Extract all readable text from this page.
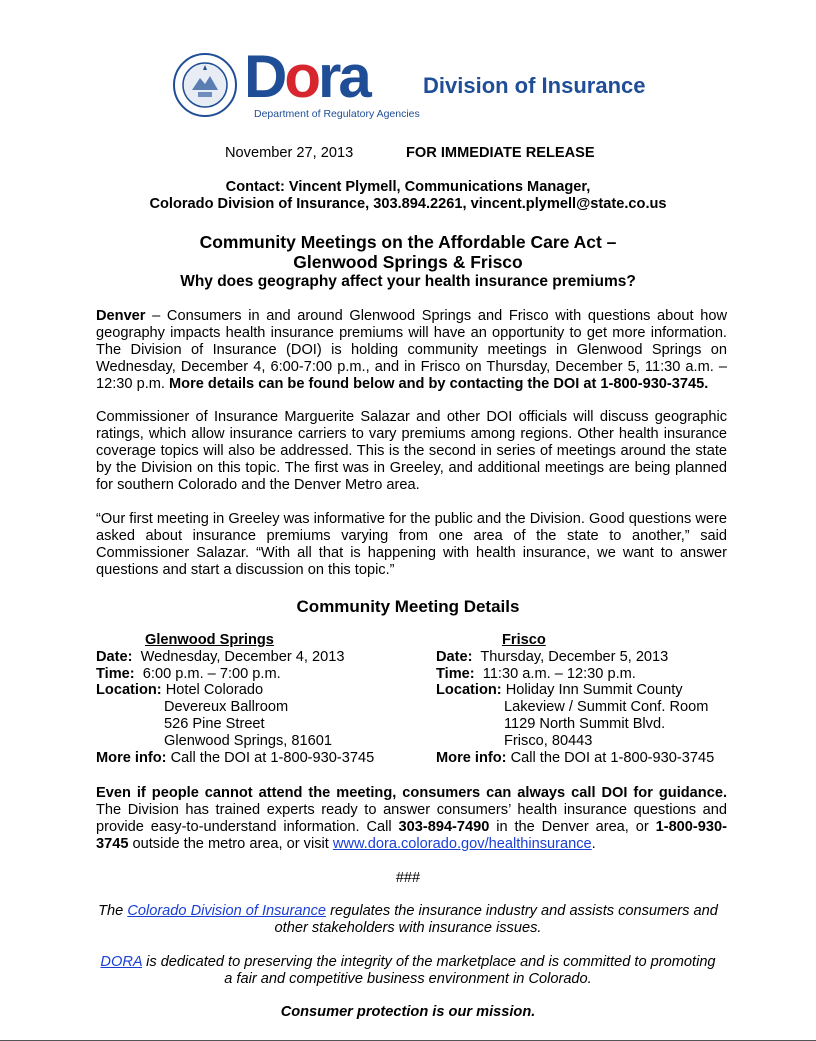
Dora
Department of Regulatory Agencies
Division of Insurance
November 27, 2013	FOR IMMEDIATE RELEASE
Contact: Vincent Plymell, Communications Manager,
Colorado Division of Insurance, 303.894.2261, vincent.plymell@state.co.us
Community Meetings on the Affordable Care Act –
Glenwood Springs & Frisco
Why does geography affect your health insurance premiums?

Denver – Consumers in and around Glenwood Springs and Frisco with questions about how geography impacts health insurance premiums will have an opportunity to get more information. The Division of Insurance (DOI) is holding community meetings in Glenwood Springs on Wednesday, December 4, 6:00-7:00 p.m., and in Frisco on Thursday, December 5, 11:30 a.m. – 12:30 p.m. More details can be found below and by contacting the DOI at 1-800-930-3745.

Commissioner of Insurance Marguerite Salazar and other DOI officials will discuss geographic ratings, which allow insurance carriers to vary premiums among regions. Other health insurance coverage topics will also be addressed. This is the second in series of meetings around the state by the Division on this topic. The first was in Greeley, and additional meetings are being planned for southern Colorado and the Denver Metro area.

“Our first meeting in Greeley was informative for the public and the Division. Good questions were asked about insurance premiums varying from one area of the state to another,” said Commissioner Salazar. “With all that is happening with health insurance, we want to answer questions and start a discussion on this topic.”

Community Meeting Details
Glenwood Springs
Date: Wednesday, December 4, 2013
Time: 6:00 p.m. – 7:00 p.m.
Location: Hotel Colorado
Devereux Ballroom
526 Pine Street
Glenwood Springs, 81601
More info: Call the DOI at 1-800-930-3745
Frisco
Date: Thursday, December 5, 2013
Time: 11:30 a.m. – 12:30 p.m.
Location: Holiday Inn Summit County
Lakeview / Summit Conf. Room
1129 North Summit Blvd.
Frisco, 80443
More info: Call the DOI at 1-800-930-3745

Even if people cannot attend the meeting, consumers can always call DOI for guidance. The Division has trained experts ready to answer consumers’ health insurance questions and provide easy-to-understand information. Call 303-894-7490 in the Denver area, or 1-800-930-3745 outside the metro area, or visit www.dora.colorado.gov/healthinsurance.

###
The Colorado Division of Insurance regulates the insurance industry and assists consumers and
other stakeholders with insurance issues.
DORA is dedicated to preserving the integrity of the marketplace and is committed to promoting
a fair and competitive business environment in Colorado.
Consumer protection is our mission.
